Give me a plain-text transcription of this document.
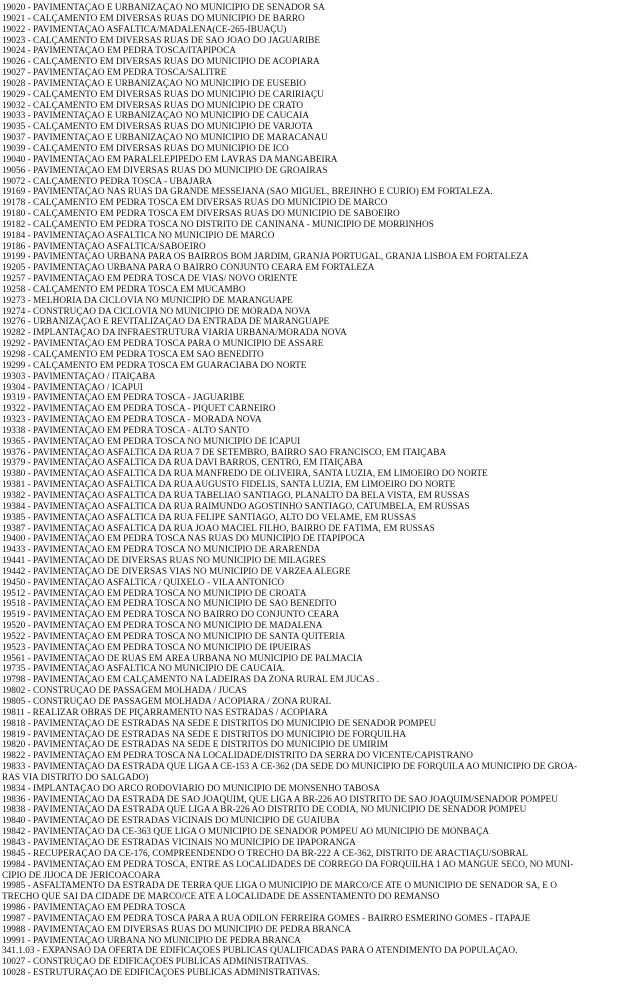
19020 - PAVIMENTAÇÃO E URBANIZAÇÃO NO MUNICÍPIO DE SENADOR SÁ
19021 - CALÇAMENTO EM DIVERSAS RUAS DO MUNICÍPIO DE BARRO
19022 - PAVIMENTAÇÃO ASFÁLTICA/MADALENA(CE-265-IBUAÇU)
19023 - CALÇAMENTO EM DIVERSAS RUAS DE SÃO JOÃO DO JAGUARIBE
19024 - PAVIMENTAÇÃO EM PEDRA TOSCA/ITAPIPOCA
19026 - CALÇAMENTO EM DIVERSAS RUAS DO MUNICÍPIO DE ACOPIARA
19027 - PAVIMENTAÇÃO EM PEDRA TOSCA/SALITRE
19028 - PAVIMENTAÇÃO E URBANIZAÇÃO NO MUNICÍPIO DE EUSÉBIO
19029 - CALÇAMENTO EM DIVERSAS RUAS DO MUNICÍPIO DE CARIRIAÇU
19032 - CALÇAMENTO EM DIVERSAS RUAS DO MUNICÍPIO DE CRATO
19033 - PAVIMENTAÇÃO E URBANIZAÇÃO NO MUNICÍPIO DE CAUCAIA
19035 - CALÇAMENTO EM DIVERSAS RUAS DO MUNICÍPIO DE VARJOTA
19037 - PAVIMENTAÇÃO E URBANIZAÇÃO NO MUNICÍPIO DE MARACANAÚ
19039 - CALÇAMENTO EM DIVERSAS RUAS DO MUNICÍPIO DE ICÓ
19040 - PAVIMENTAÇÃO EM PARALELEPÍPEDO EM LAVRAS DA MANGABEIRA
19056 - PAVIMENTAÇÃO EM DIVERSAS RUAS DO MUNICÍPIO DE GROAÍRAS
19072 - CALÇAMENTO PEDRA TOSCA - UBAJARA
19169 - PAVIMENTAÇÃO NAS RUAS DA GRANDE MESSEJANA (SÃO MIGUEL, BREJINHO E CURIÓ) EM FORTALEZA.
19178 - CALÇAMENTO EM PEDRA TOSCA EM DIVERSAS RUAS DO MUNICÍPIO DE MARCO
19180 - CALÇAMENTO EM PEDRA TOSCA EM DIVERSAS RUAS DO MUNICÍPIO DE SABOEIRO
19182 - CALÇAMENTO EM PEDRA TOSCA NO DISTRITO DE CANINANA - MUNICÍPIO DE MORRINHOS
19184 - PAVIMENTAÇÃO ASFÁLTICA NO MUNICÍPIO DE MARCO
19186 - PAVIMENTAÇÃO ASFÁLTICA/SABOEIRO
19199 - PAVIMENTAÇÃO URBANA PARA OS BAIRROS BOM JARDIM, GRANJA PORTUGAL, GRANJA LISBOA EM FORTALEZA
19205 - PAVIMENTAÇÃO URBANA PARA O BAIRRO CONJUNTO CEARÁ EM FORTALEZA
19257 - PAVIMENTAÇÃO EM PEDRA TOSCA DE VIAS/ NOVO ORIENTE
19258 - CALÇAMENTO EM PEDRA TOSCA EM MUCAMBO
19273 - MELHORIA DA CICLOVIA NO MUNICÍPIO DE MARANGUAPE
19274 - CONSTRUÇÃO DA CICLOVIA NO MUNICÍPIO DE MORADA NOVA
19276 - URBANIZAÇÃO E REVITALIZAÇÃO DA ENTRADA DE MARANGUAPE
19282 - IMPLANTAÇÃO DA INFRAESTRUTURA VIÁRIA URBANA/MORADA NOVA
19292 - PAVIMENTAÇÃO EM PEDRA TOSCA PARA O MUNICÍPIO DE ASSARÉ
19298 - CALÇAMENTO EM PEDRA TOSCA EM SÃO BENEDITO
19299 - CALÇAMENTO EM PEDRA TOSCA EM GUARACIABA DO NORTE
19303 - PAVIMENTAÇÃO / ITAIÇABA
19304 - PAVIMENTAÇÃO / ICAPUÍ
19319 - PAVIMENTAÇÃO EM PEDRA TOSCA - JAGUARIBE
19322 - PAVIMENTAÇÃO EM PEDRA TOSCA - PIQUET CARNEIRO
19323 - PAVIMENTAÇÃO EM PEDRA TOSCA - MORADA NOVA
19338 - PAVIMENTAÇÃO EM PEDRA TOSCA - ALTO SANTO
19365 - PAVIMENTAÇÃO EM PEDRA TOSCA NO MUNICÍPIO DE ICAPUÍ
19376 - PAVIMENTAÇÃO ASFÁLTICA DA RUA 7 DE SETEMBRO, BAIRRO SÃO FRANCISCO, EM ITAIÇABA
19379 - PAVIMENTAÇÃO ASFÁLTICA DA RUA DAVI BARROS, CENTRO, EM ITAIÇABA
19380 - PAVIMENTAÇÃO ASFÁLTICA DA RUA MANFREDO DE OLIVEIRA, SANTA LUZIA, EM LIMOEIRO DO NORTE
19381 - PAVIMENTAÇÃO ASFÁLTICA DA RUA AUGUSTO FIDELIS, SANTA LUZIA, EM LIMOEIRO DO NORTE
19382 - PAVIMENTAÇÃO ASFÁLTICA DA RUA TABELIÃO SANTIAGO, PLANALTO DA BELA VISTA, EM RUSSAS
19384 - PAVIMENTAÇÃO ASFÁLTICA DA RUA RAIMUNDO AGOSTINHO SANTIAGO, CATUMBELA, EM RUSSAS
19385 - PAVIMENTAÇÃO ASFÁLTICA DA RUA FELIPE SANTIAGO, ALTO DO VELAME, EM RUSSAS
19387 - PAVIMENTAÇÃO ASFÁLTICA DA RUA JOÃO MACIEL FILHO, BAIRRO DE FÁTIMA, EM RUSSAS
19400 - PAVIMENTAÇÃO EM PEDRA TOSCA NAS RUAS DO MUNICÍPIO DE ITAPIPOCA
19433 - PAVIMENTAÇÃO EM PEDRA TOSCA NO MUNICÍPIO DE ARARENDÁ
19441 - PAVIMENTAÇÃO DE DIVERSAS RUAS NO MUNICÍPIO DE MILAGRES
19442 - PAVIMENTAÇÃO DE DIVERSAS VIAS NO MUNICÍPIO DE VÁRZEA ALEGRE
19450 - PAVIMENTAÇÃO ASFÁLTICA / QUIXELÔ - VILA ANTONICO
19512 - PAVIMENTAÇÃO EM PEDRA TOSCA NO MUNICÍPIO DE CROATÁ
19518 - PAVIMENTAÇÃO EM PEDRA TOSCA NO MUNICÍPIO DE SÃO BENEDITO
19519 - PAVIMENTAÇÃO EM PEDRA TOSCA NO BAIRRO DO CONJUNTO CEARÁ
19520 - PAVIMENTAÇÃO EM PEDRA TOSCA NO MUNICÍPIO DE MADALENA
19522 - PAVIMENTAÇÃO EM PEDRA TOSCA NO MUNICÍPIO DE SANTA QUITÉRIA
19523 - PAVIMENTAÇÃO EM PEDRA TOSCA NO MUNICÍPIO DE IPUEIRAS
19561 - PAVIMENTAÇÃO DE RUAS EM ÁREA URBANA NO MUNICÍPIO DE PALMÁCIA
19735 - PAVIMENTAÇÃO ASFÁLTICA NO MUNICÍPIO DE CAUCAIA.
19798 - PAVIMENTAÇÃO EM CALÇAMENTO NA LADEIRAS DA ZONA RURAL EM JUCÁS .
19802 - CONSTRUÇÃO DE PASSAGEM MOLHADA / JUCÁS
19805 - CONSTRUÇÃO DE PASSAGEM MOLHADA / ACOPIARA / ZONA RURAL
19811 - REALIZAR OBRAS DE PIÇARRAMENTO NAS ESTRADAS / ACOPIARA
19818 - PAVIMENTAÇÃO DE ESTRADAS NA SEDE E DISTRITOS DO MUNICÍPIO DE SENADOR POMPEU
19819 - PAVIMENTAÇÃO DE ESTRADAS NA SEDE E DISTRITOS DO MUNICÍPIO DE FORQUILHA
19820 - PAVIMENTAÇÃO DE ESTRADAS NA SEDE E DISTRITOS DO MUNICÍPIO DE UMIRIM
19822 - PAVIMENTAÇÃO EM PEDRA TOSCA NA LOCALIDADE/DISTRITO DA SERRA DO VICENTE/CAPISTRANO
19833 - PAVIMENTAÇÃO DA ESTRADA QUE LIGA A CE-153 À CE-362 (DA SEDE DO MUNICÍPIO DE FORQUILA AO MUNICÍPIO DE GROA-
RAS VIA DISTRITO DO SALGADO)
19834 - IMPLANTAÇÃO DO ARCO RODOVIÁRIO DO MUNICÍPIO DE MONSENHO TABOSA
19836 - PAVIMENTAÇÃO DA ESTRADA DE SÃO JOAQUIM, QUE LIGA A BR-226 AO DISTRITO DE SÃO JOAQUIM/SENADOR POMPEU
19838 - PAVIMENTAÇÃO DA ESTRADA QUE LIGA A BR-226 AO DISTRITO DE CODIA, NO MUNICÍPIO DE SENADOR POMPEU
19840 - PAVIMENTAÇÃO DE ESTRADAS VICINAIS DO MUNICÍPIO DE GUAIÚBA
19842 - PAVIMENTAÇÃO DA CE-363 QUE LIGA O MUNICÍPIO DE SENADOR POMPEU AO MUNICÍPIO DE MONBAÇA
19843 - PAVIMENTAÇÃO DE ESTRADAS VICINAIS NO MUNICÍPIO DE IPAPORANGA
19845 - RECUPERAÇÃO DA CE-176, COMPREENDENDO O TRECHO DA BR-222 À CE-362, DISTRITO DE ARACTIAÇU/SOBRAL
19984 - PAVIMENTAÇÃO EM PEDRA TOSCA, ENTRE AS LOCALIDADES DE CÓRREGO DA FORQUILHA 1 AO MANGUE SECO, NO MUNI-
CÍPIO DE JIJOCA DE JERICOACOARA
19985 - ASFALTAMENTO DA ESTRADA DE TERRA QUE LIGA O MUNICÍPIO DE MARCO/CE ATÉ O MUNICÍPIO DE SENADOR SÁ, E O
TRECHO QUE SAI DA CIDADE DE MARCO/CE ATÉ A LOCALIDADE DE ASSENTAMENTO DO REMANSO
19986 - PAVIMENTAÇÃO EM PEDRA TOSCA
19987 - PAVIMENTAÇÃO EM PEDRA TOSCA PARA A RUA ODILON FERREIRA GOMES - BAIRRO ESMERINO GOMES - ITAPAJÉ
19988 - PAVIMENTAÇÃO EM DIVERSAS RUAS DO MUNICÍPIO DE PEDRA BRANCA
19991 - PAVIMENTAÇÃO URBANA NO MUNICÍPIO DE PEDRA BRANCA
341.1.03 - EXPANSÃO DA OFERTA DE EDIFICAÇÕES PÚBLICAS QUALIFICADAS PARA O ATENDIMENTO DA POPULAÇÃO.
10027 - CONSTRUÇÃO DE EDIFICAÇÕES PÚBLICAS ADMINISTRATIVAS.
10028 - ESTRUTURAÇÃO DE EDIFICAÇÕES PÚBLICAS ADMINISTRATIVAS.
